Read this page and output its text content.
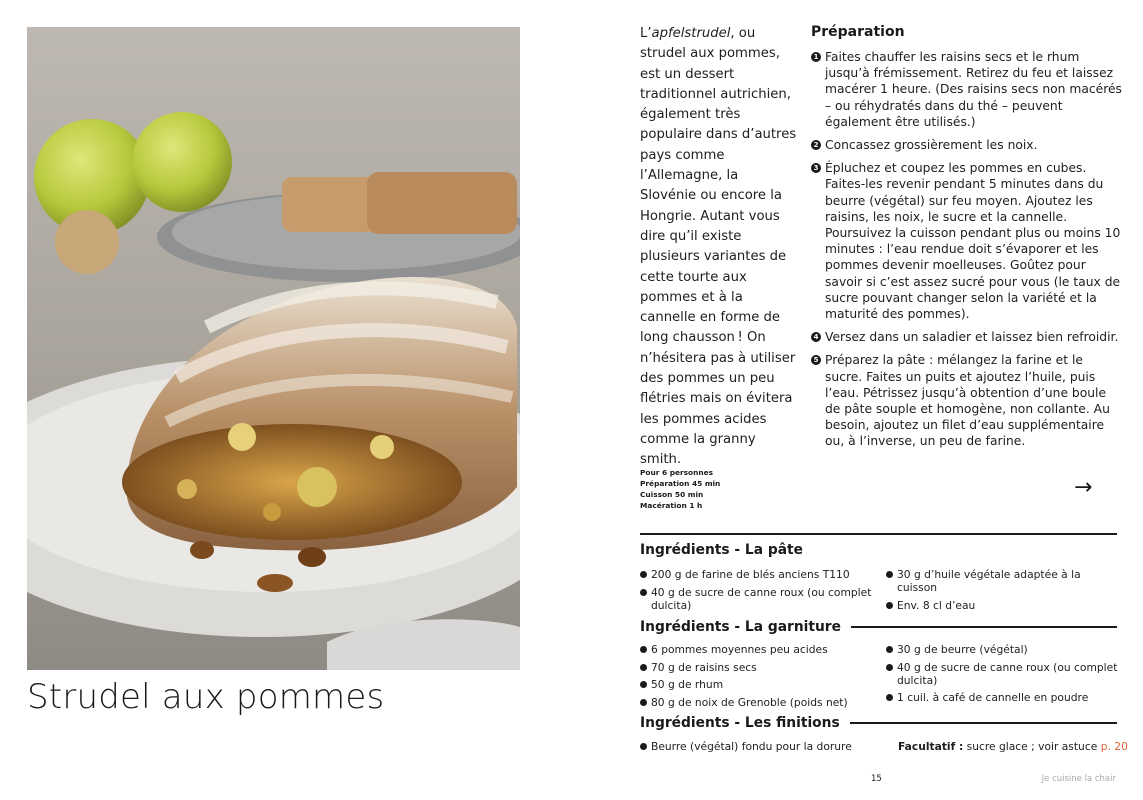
Strudel aux pommes

L’apfelstrudel, ou strudel aux pommes, est un dessert traditionnel autrichien, également très populaire dans d’autres pays comme l’Allemagne, la Slovénie ou encore la Hongrie. Autant vous dire qu’il existe plusieurs variantes de cette tourte aux pommes et à la cannelle en forme de long chausson ! On n’hésitera pas à utiliser des pommes un peu flétries mais on évitera les pommes acides comme la granny smith.

Préparation
1 Faites chauffer les raisins secs et le rhum jusqu’à frémissement. Retirez du feu et laissez macérer 1 heure. (Des raisins secs non macérés – ou réhydratés dans du thé – peuvent également être utilisés.)
2 Concassez grossièrement les noix.
3 Épluchez et coupez les pommes en cubes. Faites-les revenir pendant 5 minutes dans du beurre (végétal) sur feu moyen. Ajoutez les raisins, les noix, le sucre et la cannelle. Poursuivez la cuisson pendant plus ou moins 10 minutes : l’eau rendue doit s’évaporer et les pommes devenir moelleuses. Goûtez pour savoir si c’est assez sucré pour vous (le taux de sucre pouvant changer selon la variété et la maturité des pommes).
4 Versez dans un saladier et laissez bien refroidir.
5 Préparez la pâte : mélangez la farine et le sucre. Faites un puits et ajoutez l’huile, puis l’eau. Pétrissez jusqu’à obtention d’une boule de pâte souple et homogène, non collante. Au besoin, ajoutez un filet d’eau supplémentaire ou, à l’inverse, un peu de farine.
Pour 6 personnes
Préparation 45 min
Cuisson 50 min
Macération 1 h
→
Ingrédients - La pâte
200 g de farine de blés anciens T110
40 g de sucre de canne roux (ou complet dulcita)
30 g d’huile végétale adaptée à la cuisson
Env. 8 cl d’eau
Ingrédients - La garniture
6 pommes moyennes peu acides
70 g de raisins secs
50 g de rhum
80 g de noix de Grenoble (poids net)
30 g de beurre (végétal)
40 g de sucre de canne roux (ou complet dulcita)
1 cuil. à café de cannelle en poudre
Ingrédients - Les finitions
Beurre (végétal) fondu pour la dorure	Facultatif : sucre glace ; voir astuce p. 20
15	Je cuisine la chair
